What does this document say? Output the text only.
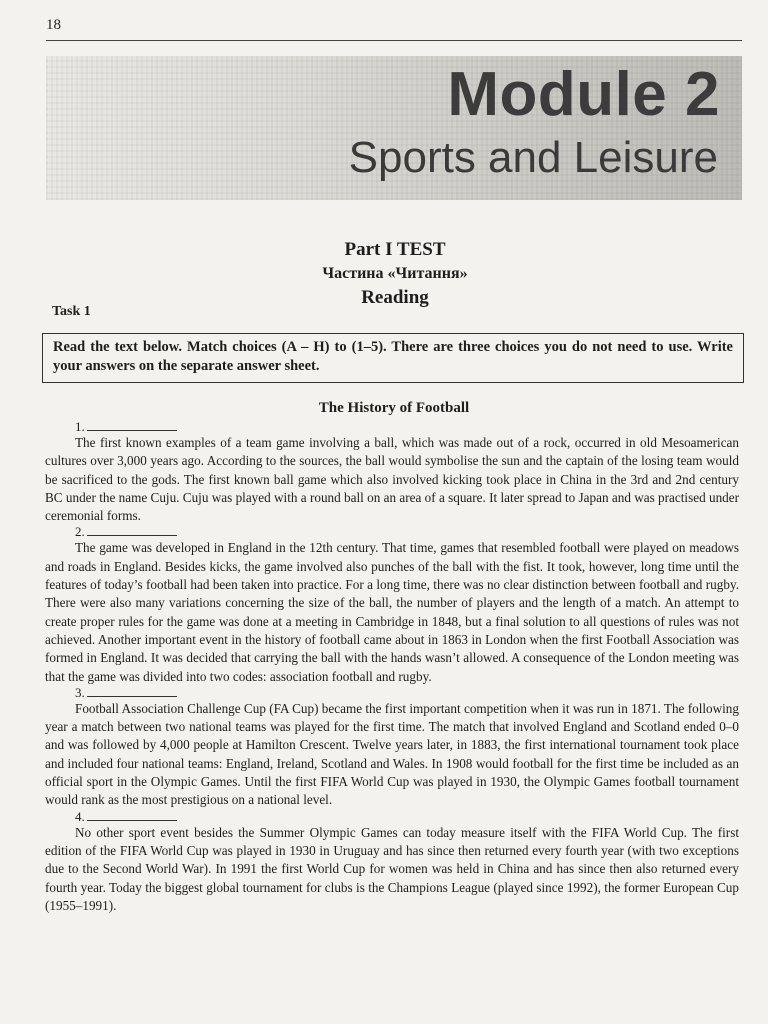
18
Module 2
Sports and Leisure
Part I TEST
Частина «Читання»
Reading
Task 1
Read the text below. Match choices (A – H) to (1–5). There are three choices you do not need to use. Write your answers on the separate answer sheet.
The History of Football
1.

The first known examples of a team game involving a ball, which was made out of a rock, occurred in old Mesoamerican cultures over 3,000 years ago. According to the sources, the ball would symbolise the sun and the captain of the losing team would be sacrificed to the gods. The first known ball game which also involved kicking took place in China in the 3rd and 2nd century BC under the name Cuju. Cuju was played with a round ball on an area of a square. It later spread to Japan and was practised under ceremonial forms.

2.

The game was developed in England in the 12th century. That time, games that resembled football were played on meadows and roads in England. Besides kicks, the game involved also punches of the ball with the fist. It took, however, long time until the features of today’s football had been taken into practice. For a long time, there was no clear distinction between football and rugby. There were also many variations concerning the size of the ball, the number of players and the length of a match. An attempt to create proper rules for the game was done at a meeting in Cambridge in 1848, but a final solution to all questions of rules was not achieved. Another important event in the history of football came about in 1863 in London when the first Football Association was formed in England. It was decided that carrying the ball with the hands wasn’t allowed. A consequence of the London meeting was that the game was divided into two codes: association football and rugby.

3.

Football Association Challenge Cup (FA Cup) became the first important competition when it was run in 1871. The following year a match between two national teams was played for the first time. The match that involved England and Scotland ended 0–0 and was followed by 4,000 people at Hamilton Crescent. Twelve years later, in 1883, the first international tournament took place and included four national teams: England, Ireland, Scotland and Wales. In 1908 would football for the first time be included as an official sport in the Olympic Games. Until the first FIFA World Cup was played in 1930, the Olympic Games football tournament would rank as the most prestigious on a national level.

4.

No other sport event besides the Summer Olympic Games can today measure itself with the FIFA World Cup. The first edition of the FIFA World Cup was played in 1930 in Uruguay and has since then returned every fourth year (with two exceptions due to the Second World War). In 1991 the first World Cup for women was held in China and has since then also returned every fourth year. Today the biggest global tournament for clubs is the Champions League (played since 1992), the former European Cup (1955–1991).
